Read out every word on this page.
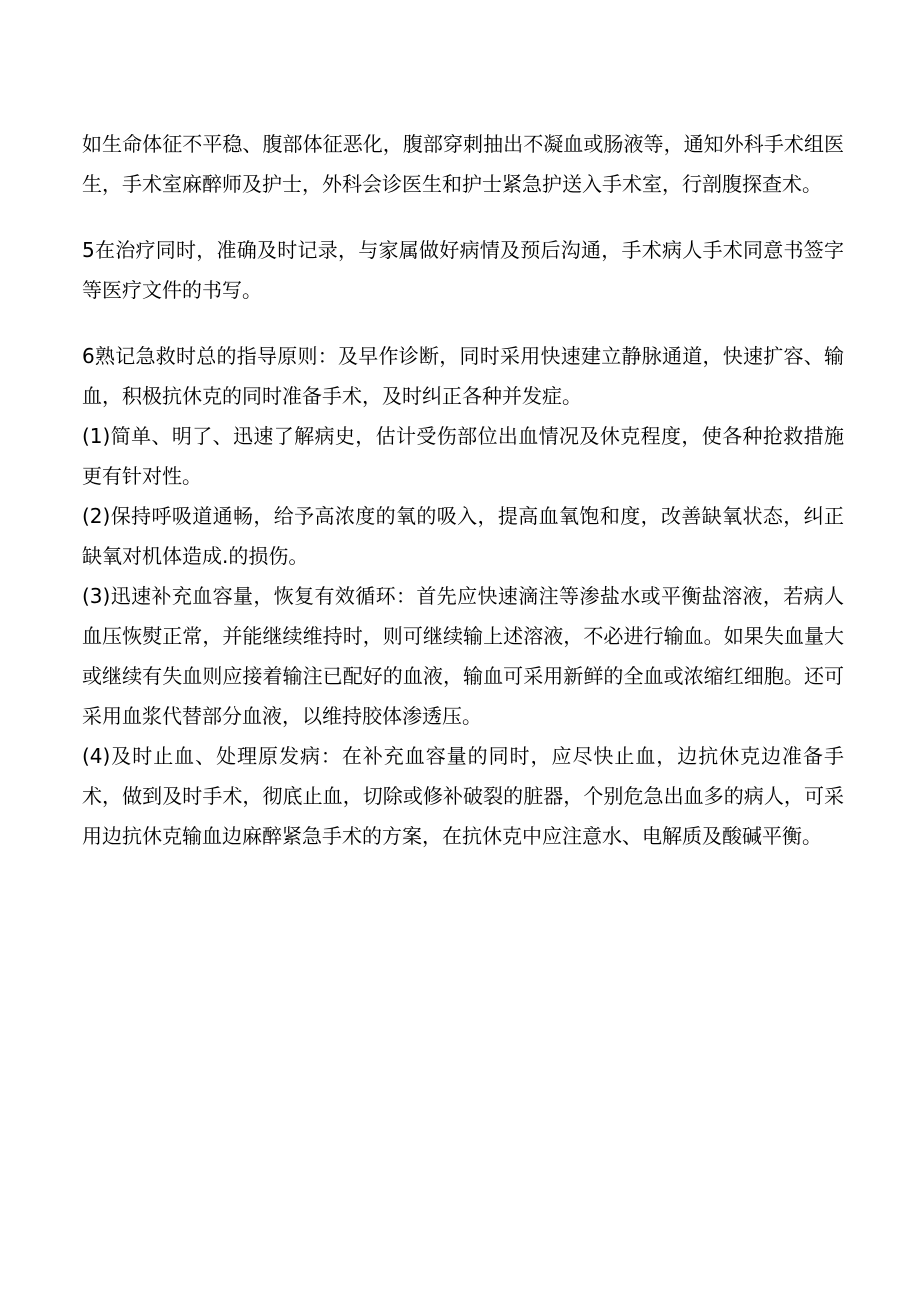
如生命体征不平稳、腹部体征恶化，腹部穿刺抽出不凝血或肠液等，通知外科手术组医生，手术室麻醉师及护士，外科会诊医生和护士紧急护送入手术室，行剖腹探查术。

5在治疗同时，准确及时记录，与家属做好病情及预后沟通，手术病人手术同意书签字等医疗文件的书写。

6熟记急救时总的指导原则：及早作诊断，同时采用快速建立静脉通道，快速扩容、输血，积极抗休克的同时准备手术，及时纠正各种并发症。

(1)简单、明了、迅速了解病史，估计受伤部位出血情况及休克程度，使各种抢救措施更有针对性。

(2)保持呼吸道通畅，给予高浓度的氧的吸入，提高血氧饱和度，改善缺氧状态，纠正缺氧对机体造成.的损伤。

(3)迅速补充血容量，恢复有效循环：首先应快速滴注等渗盐水或平衡盐溶液，若病人血压恢熨正常，并能继续维持时，则可继续输上述溶液，不必进行输血。如果失血量大或继续有失血则应接着输注已配好的血液，输血可采用新鲜的全血或浓缩红细胞。还可采用血浆代替部分血液，以维持胶体渗透压。

(4)及时止血、处理原发病：在补充血容量的同时，应尽快止血，边抗休克边准备手术，做到及时手术，彻底止血，切除或修补破裂的脏器，个别危急出血多的病人，可采用边抗休克输血边麻醉紧急手术的方案，在抗休克中应注意水、电解质及酸碱平衡。
